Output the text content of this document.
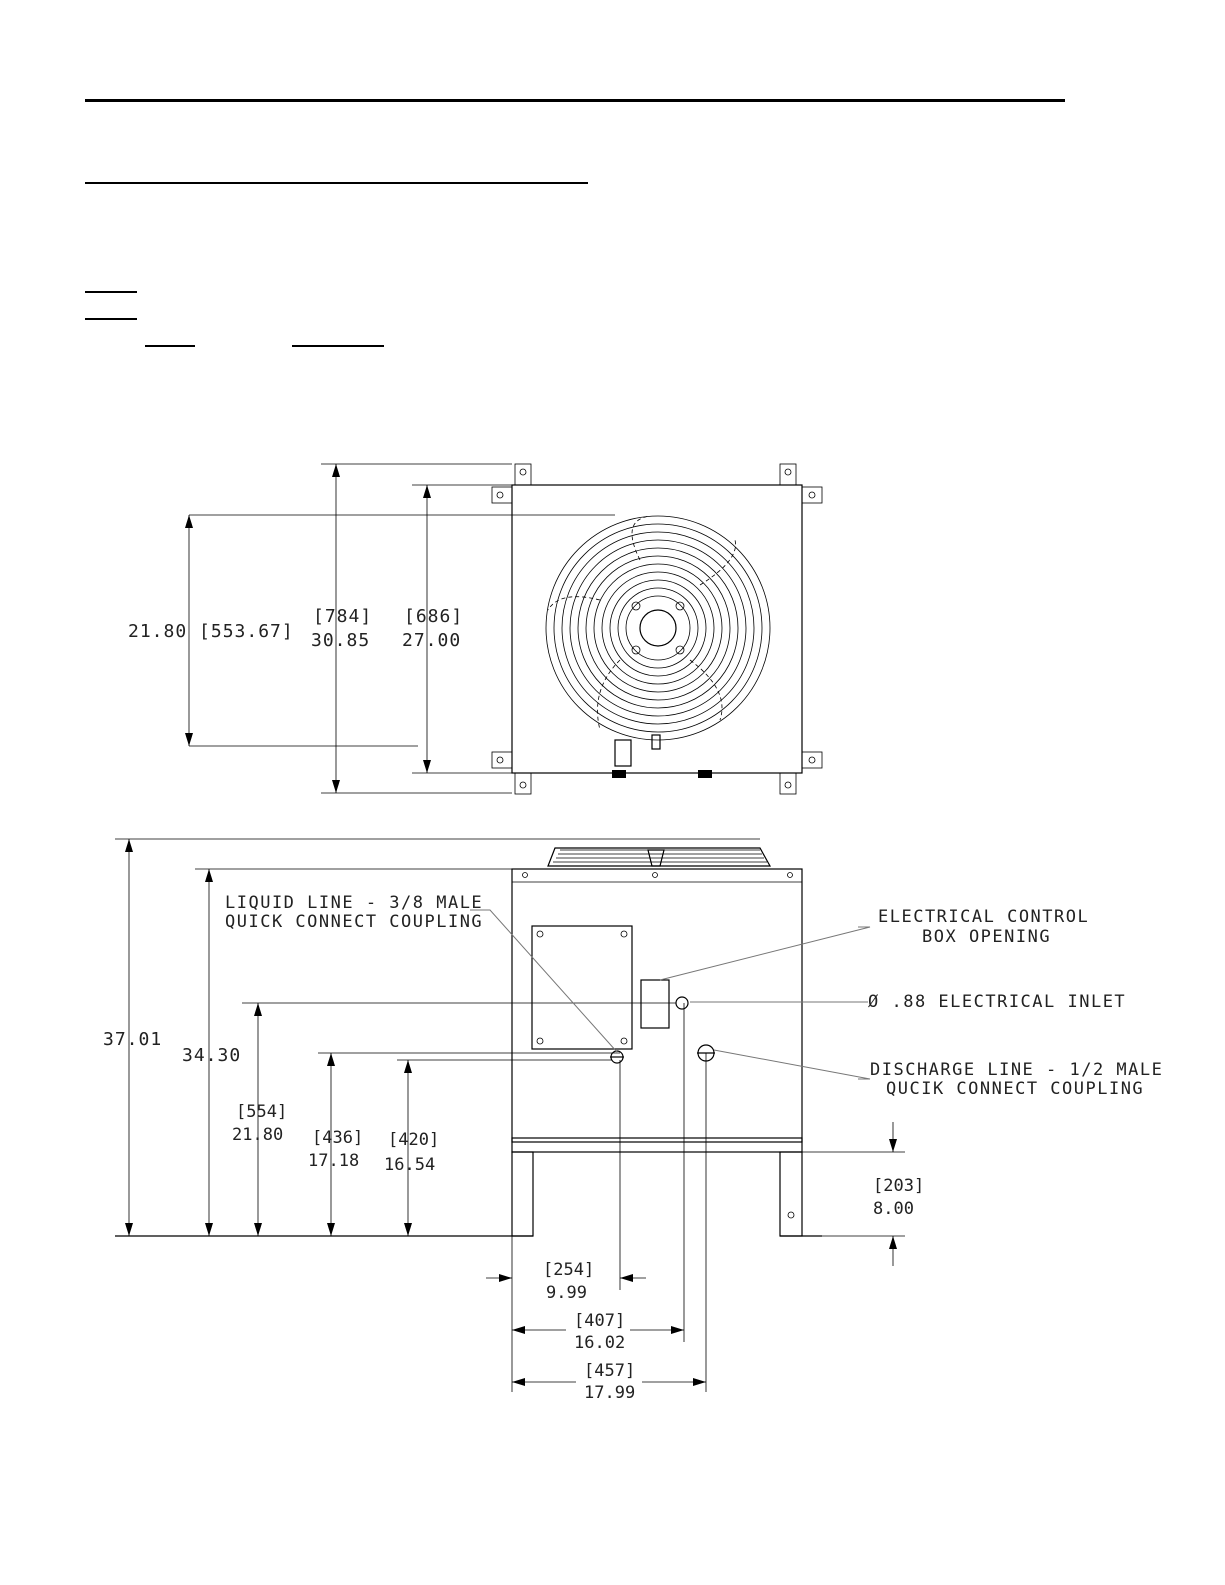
21.80 [553.67]
[784]
30.85
[686]
27.00
37.01
34.30
[554]
21.80 [436]
17.18
[420]
16.54
[203]
8.00
[254]
9.99
[407]
16.02
[457]
17.99
LIQUID LINE - 3/8 MALE
QUICK CONNECT COUPLING	ELECTRICAL CONTROL
BOX OPENING
Ø .88 ELECTRICAL INLET
DISCHARGE LINE - 1/2 MALE
QUCIK CONNECT COUPLING
